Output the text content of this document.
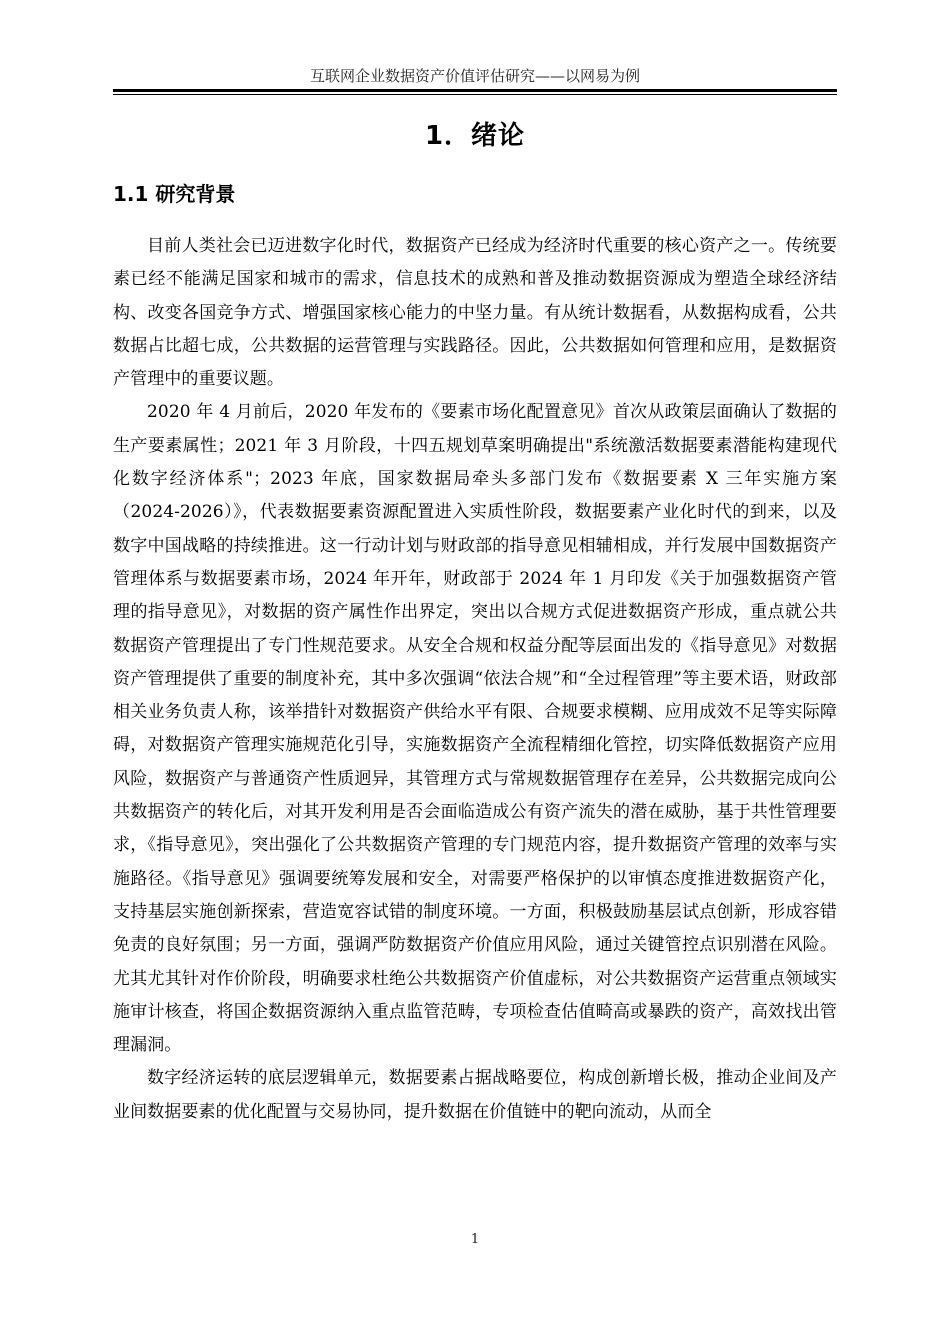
互联网企业数据资产价值评估研究——以网易为例
1．绪论
1.1 研究背景

目前人类社会已迈进数字化时代，数据资产已经成为经济时代重要的核心资产之一。传统要素已经不能满足国家和城市的需求，信息技术的成熟和普及推动数据资源成为塑造全球经济结构、改变各国竞争方式、增强国家核心能力的中坚力量。有从统计数据看，从数据构成看，公共数据占比超七成，公共数据的运营管理与实践路径。因此，公共数据如何管理和应用，是数据资产管理中的重要议题。

2020 年 4 月前后，2020 年发布的《要素市场化配置意见》首次从政策层面确认了数据的生产要素属性；2021 年 3 月阶段，十四五规划草案明确提出"系统激活数据要素潜能构建现代化数字经济体系"；2023 年底，国家数据局牵头多部门发布《数据要素 X 三年实施方案（2024-2026）》，代表数据要素资源配置进入实质性阶段，数据要素产业化时代的到来，以及数字中国战略的持续推进。这一行动计划与财政部的指导意见相辅相成，并行发展中国数据资产管理体系与数据要素市场，2024 年开年，财政部于 2024 年 1 月印发《关于加强数据资产管理的指导意见》，对数据的资产属性作出界定，突出以合规方式促进数据资产形成，重点就公共数据资产管理提出了专门性规范要求。从安全合规和权益分配等层面出发的《指导意见》对数据资产管理提供了重要的制度补充，其中多次强调“依法合规”和“全过程管理”等主要术语，财政部相关业务负责人称，该举措针对数据资产供给水平有限、合规要求模糊、应用成效不足等实际障碍，对数据资产管理实施规范化引导，实施数据资产全流程精细化管控，切实降低数据资产应用风险，数据资产与普通资产性质迥异，其管理方式与常规数据管理存在差异，公共数据完成向公共数据资产的转化后，对其开发利用是否会面临造成公有资产流失的潜在威胁，基于共性管理要求，《指导意见》，突出强化了公共数据资产管理的专门规范内容，提升数据资产管理的效率与实施路径。《指导意见》强调要统筹发展和安全，对需要严格保护的以审慎态度推进数据资产化，支持基层实施创新探索，营造宽容试错的制度环境。一方面，积极鼓励基层试点创新，形成容错免责的良好氛围；另一方面，强调严防数据资产价值应用风险，通过关键管控点识别潜在风险。尤其尤其针对作价阶段，明确要求杜绝公共数据资产价值虚标，对公共数据资产运营重点领域实施审计核查，将国企数据资源纳入重点监管范畴，专项检查估值畸高或暴跌的资产，高效找出管理漏洞。

数字经济运转的底层逻辑单元，数据要素占据战略要位，构成创新增长极，推动企业间及产业间数据要素的优化配置与交易协同，提升数据在价值链中的靶向流动，从而全

1
